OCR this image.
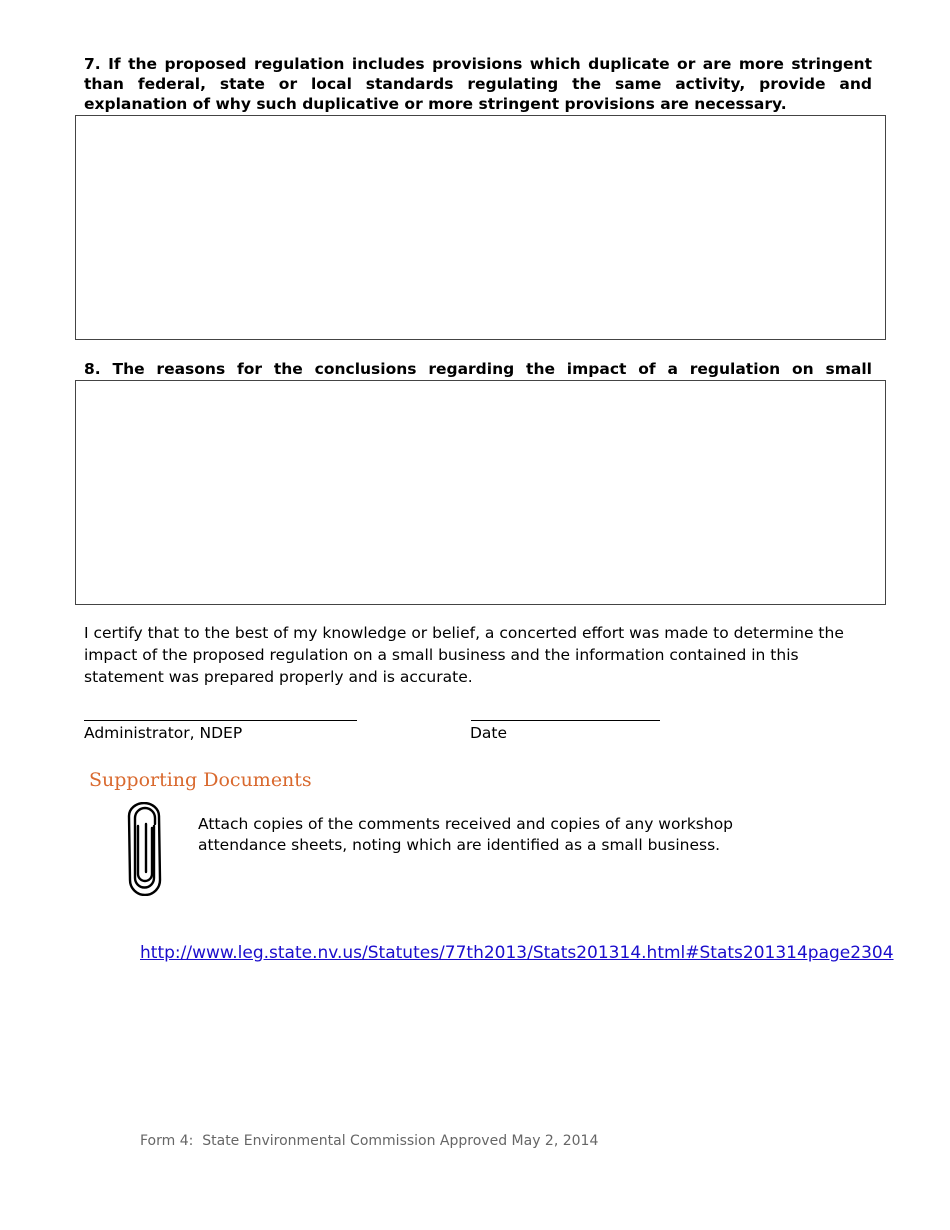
7. If the proposed regulation includes provisions which duplicate or are more stringent than federal, state or local standards regulating the same activity, provide and explanation of why such duplicative or more stringent provisions are necessary.
8. The reasons for the conclusions regarding the impact of a regulation on small
I certify that to the best of my knowledge or belief, a concerted effort was made to determine the impact of the proposed regulation on a small business and the information contained in this statement was prepared properly and is accurate.
Administrator, NDEP	Date
Supporting Documents
Attach copies of the comments received and copies of any workshop attendance sheets, noting which are identified as a small business.
http://www.leg.state.nv.us/Statutes/77th2013/Stats201314.html#Stats201314page2304
Form 4:  State Environmental Commission Approved May 2, 2014
